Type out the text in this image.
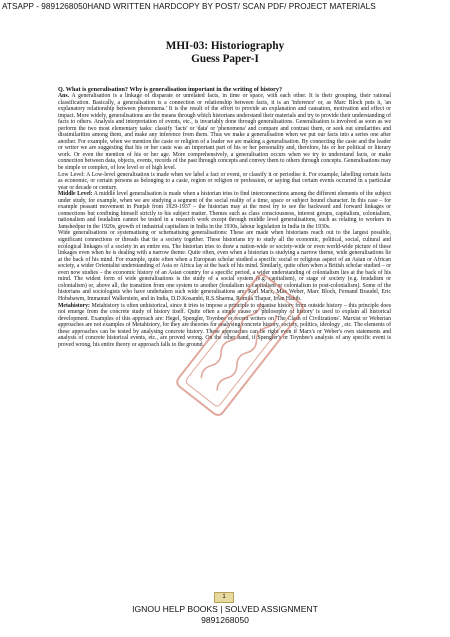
ATSAPP - 9891268050HAND WRITTEN HARDCOPY BY POST/ SCAN PDF/ PROJECT MATERIALS
MHI-03: Historiography
Guess Paper-I

Q. What is generalisation? Why is generalisation important in the writing of history?

Ans. A generalisation is a linkage of disparate or unrelated facts, in time or space, with each other. It is their grouping, their rational classification. Basically, a generalisation is a connection or relationship between facts, it is an 'inference' or, as Marc Bloch puts it, 'an explanatory relationship between phenomena.' It is the result of the effort to provide an explanation and causation, motivation and effect or impact. More widely, generalisations are the means through which historians understand their materials and try to provide their understanding of facts to others. Analysis and interpretation of events, etc., is invariably done through generalisations. Generalisation is involved as soon as we perform the two most elementary tasks: classify 'facts' or 'data' or 'phenomena' and compare and contrast them, or seek out similarities and dissimilarities among them, and make any inference from them. Thus we make a generalisation when we put our facts into a series one after another. For example, when we mention the caste or religion of a leader we are making a generalisation. By connecting the caste and the leader or writer we are suggesting that his or her caste was an important part of his or her personality and, therefore, his or her political or literary work. Or even the mention of his or her age. More comprehensively, a generalisation occurs when we try to understand facts, or make connection between data, objects, events, records of the past through concepts and convey them to others through concepts. Generalisations may be simple or complex, of low level or of high level.

Low Level: A Low-level generalisation is made when we label a fact or event, or classify it or periodise it. For example, labelling certain facts as economic, or certain persons as belonging to a caste, region or religion or profession, or saying that certain events occurred in a particular year or decade or century.

Middle Level: A middle level generalisation is made when a historian tries to find interconnections among the different elements of the subject under study, for example, when we are studying a segment of the social reality of a time, space or subject bound character. In this case – for example peasant movement in Punjab from 1929-1937 – the historian may at the most try to see the backward and forward linkages or connections but confining himself strictly to his subject matter. Themes such as class consciousness, interest groups, capitalism, colonialism, nationalism and feudalism cannot be tested in a research work except through middle level generalisations, such as relating to workers in Jamshedpur in the 1920s, growth of industrial capitalism in India in the 1930s, labour legislation in India in the 1930s.

Wide generalisations or systematising or schematising generalisations: These are made when historians reach out to the largest possible, significant connections or threads that tie a society together. These historians try to study all the economic, political, social, cultural and ecological linkages of a society in an entire era. The historian tries to draw a nation-wide or society-wide or even world-wide picture of these linkages even when he is dealing with a narrow theme. Quite often, even when a historian is studying a narrow theme, wide generalisations lie at the back of his mind. For example, quite often when a European scholar studied a specific social or religious aspect of an Asian or African society, a wider Orientalist understanding of Asia or Africa lay at the back of his mind. Similarly, quite often when a British scholar studied – or even now studies – the economic history of an Asian country for a specific period, a wider understanding of colonialism lies at the back of his mind. The widest form of wide generalisations is the study of a social system (e.g. capitalism), or stage of society (e.g. feudalism or colonialism) or, above all, the transition from one system to another (feudalism to capitalism or colonialism to post-colonialism). Some of the historians and sociologists who have undertaken such wide generalisations are: Karl Marx, Max Weber, Marc Bloch, Fernand Braudel, Eric Hobsbawm, Immanuel Wallerstein, and in India, D.D.Kosambi, R.S.Sharma, Romila Thapar, Irfan Habib.

Metahistory: Metahistory is often unhistorical, since it tries to impose a principle to organise history from outside history – this principle does not emerge from the concrete study of history itself. Quite often a single cause or 'philosophy of history' is used to explain all historical development. Examples of this approach are: Hegel, Spengler, Toynbee or recent writers on 'The Clash of Civilizations'. Marxist or Weberian approaches are not examples of Metahistory, for they are theories for analysing concrete history, society, politics, ideology , etc. The elements of these approaches can be tested by analysing concrete history. These approaches can be right even if Marx's or Weber's own statements and analysis of concrete historical events, etc., are proved wrong. On the other hand, if Spengler's or Toynbee's analysis of any specific event is proved wrong, his entire theory or approach falls to the ground.

1
IGNOU HELP BOOKS | SOLVED ASSIGNMENT
9891268050
